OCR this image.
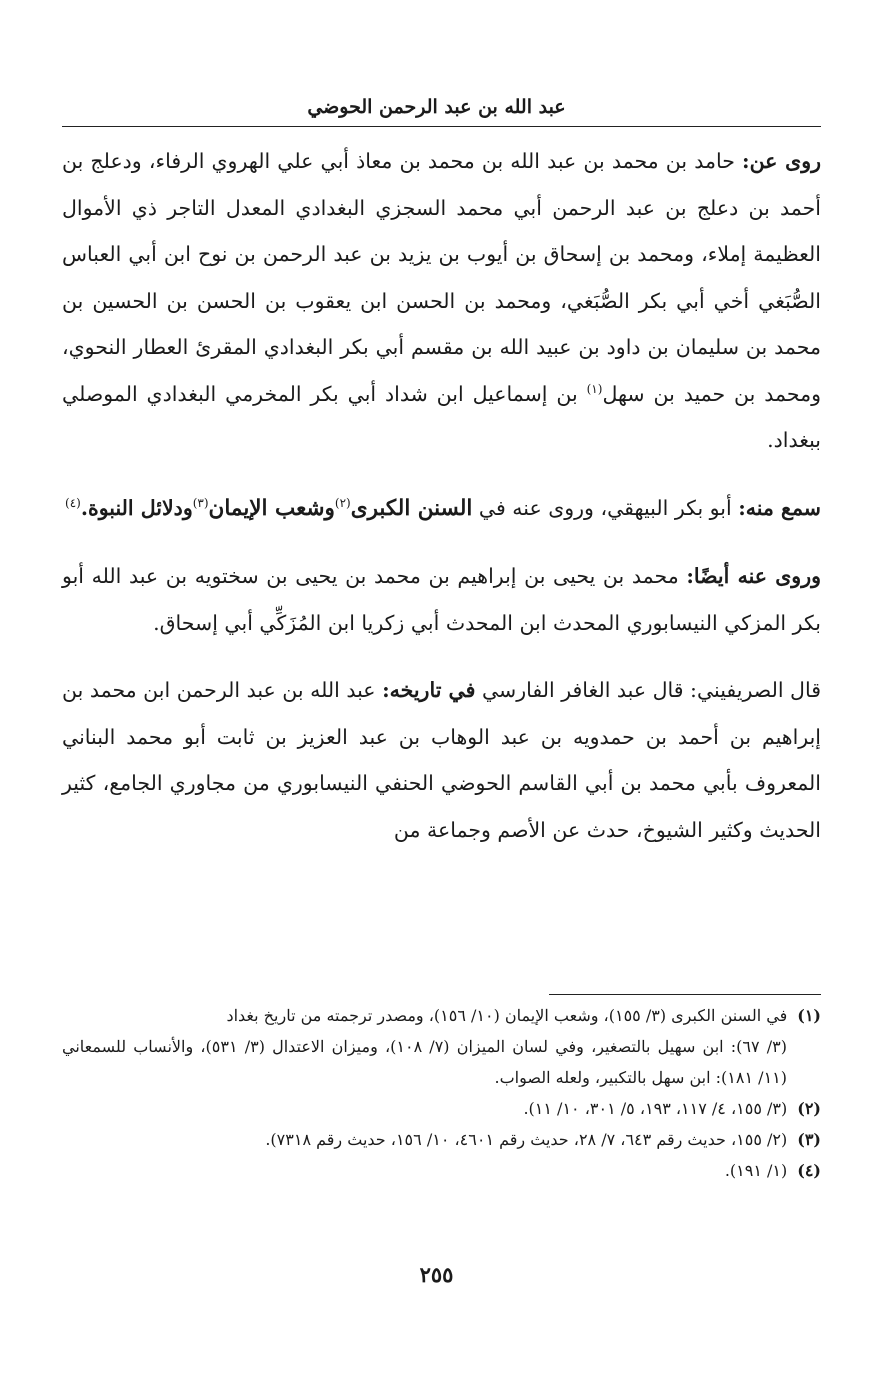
عبد الله بن عبد الرحمن الحوضي

روى عن: حامد بن محمد بن عبد الله بن محمد بن معاذ أبي علي الهروي الرفاء، ودعلج بن أحمد بن دعلج بن عبد الرحمن أبي محمد السجزي البغدادي المعدل التاجر ذي الأموال العظيمة إملاء، ومحمد بن إسحاق بن أيوب بن يزيد بن عبد الرحمن بن نوح ابن أبي العباس الصُّبَغي أخي أبي بكر الصُّبَغي، ومحمد بن الحسن ابن يعقوب بن الحسن بن الحسين بن محمد بن سليمان بن داود بن عبيد الله بن مقسم أبي بكر البغدادي المقرئ العطار النحوي، ومحمد بن حميد بن سهل$^{(١)}$ بن إسماعيل ابن شداد أبي بكر المخرمي البغدادي الموصلي ببغداد.

سمع منه: أبو بكر البيهقي، وروى عنه في السنن الكبرى$^{(٢)}$وشعب الإيمان$^{(٣)}$ودلائل النبوة.$^{(٤)}$

وروى عنه أيضًا: محمد بن يحيى بن إبراهيم بن محمد بن يحيى بن سختويه بن عبد الله أبو بكر المزكي النيسابوري المحدث ابن المحدث أبي زكريا ابن المُزَكِّي أبي إسحاق.

قال الصريفيني: قال عبد الغافر الفارسي في تاريخه: عبد الله بن عبد الرحمن ابن محمد بن إبراهيم بن أحمد بن حمدويه بن عبد الوهاب بن عبد العزيز بن ثابت أبو محمد البناني المعروف بأبي محمد بن أبي القاسم الحوضي الحنفي النيسابوري من مجاوري الجامع، كثير الحديث وكثير الشيوخ، حدث عن الأصم وجماعة من

(١)في السنن الكبرى (٣/ ١٥٥)، وشعب الإيمان (١٠/ ١٥٦)، ومصدر ترجمته من تاريخ بغداد
(٣/ ٦٧): ابن سهيل بالتصغير، وفي لسان الميزان (٧/ ١٠٨)، وميزان الاعتدال (٣/ ٥٣١)، والأنساب للسمعاني (١١/ ١٨١): ابن سهل بالتكبير، ولعله الصواب.
(٢)(٣/ ١٥٥، ٤/ ١١٧، ١٩٣، ٥/ ٣٠١، ١٠/ ١١).
(٣)(٢/ ١٥٥، حديث رقم ٦٤٣، ٧/ ٢٨، حديث رقم ٤٦٠١، ١٠/ ١٥٦، حديث رقم ٧٣١٨).
(٤)(١/ ١٩١).
٢٥٥
